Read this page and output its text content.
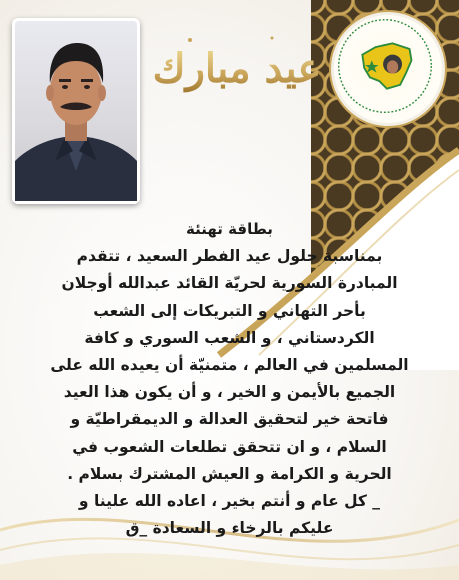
عيد مبارك
بطاقة تهنئة
بمناسبة حلول عيد الفطر السعيد ، تتقدم
المبادرة السورية لحريّة القائد عبدالله أوجلان
بأحر التهاني و التبريكات إلى الشعب
الكردستاني ، و الشعب السوري و كافة
المسلمين في العالم ، متمنيّة أن يعيده الله على
الجميع بالأيمن و الخير ، و أن يكون هذا العيد
فاتحة خير لتحقيق العدالة و الديمقراطيّة و
السلام ، و ان تتحقق تطلعات الشعوب في
الحرية و الكرامة و العيش المشترك بسلام .
_ كل عام و أنتم بخير ، اعاده الله علينا و
عليكم بالرخاء و السعادة _ق
